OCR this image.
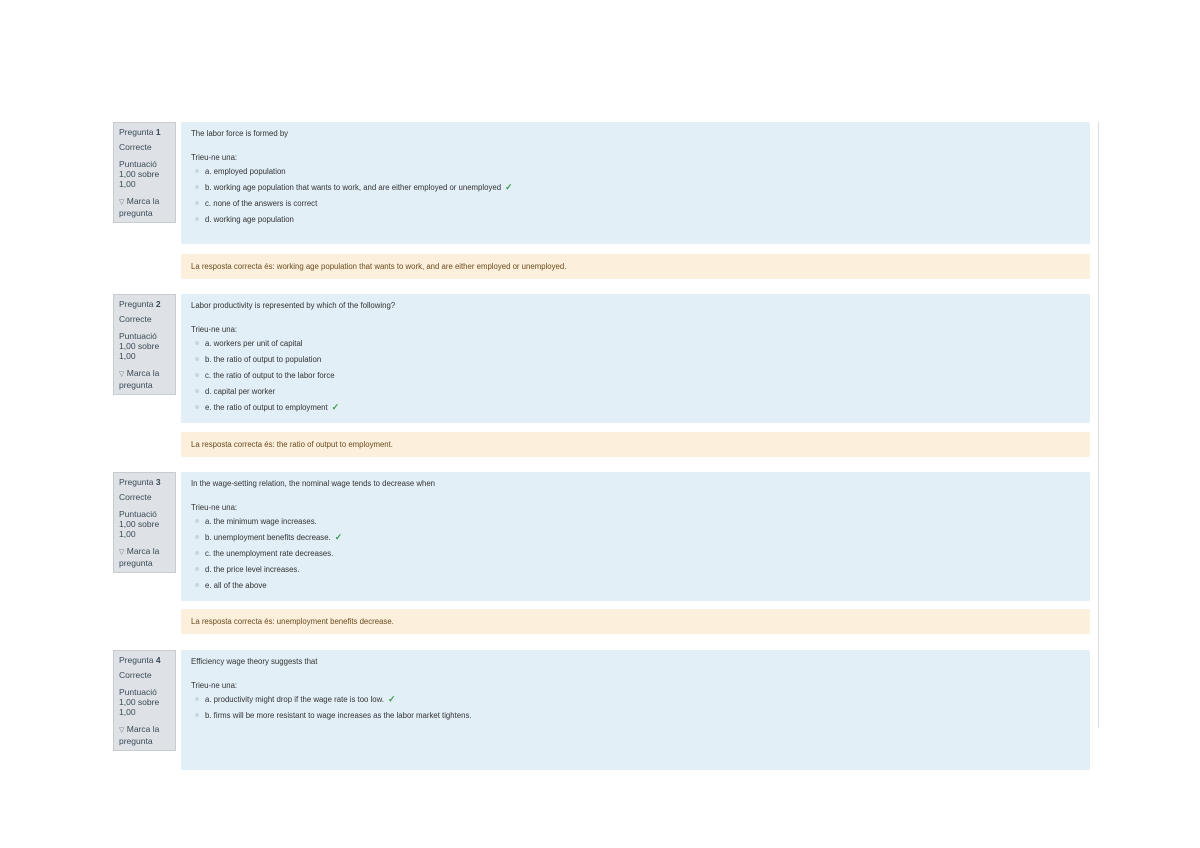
Pregunta 1
Correcte
Puntuació
1,00 sobre 1,00
▽ Marca la pregunta
The labor force is formed by
Trieu-ne una:
a. employed population
b. working age population that wants to work, and are either employed or unemployed ✓
c. none of the answers is correct
d. working age population
La resposta correcta és: working age population that wants to work, and are either employed or unemployed.
Pregunta 2
Correcte
Puntuació
1,00 sobre 1,00
▽ Marca la pregunta
Labor productivity is represented by which of the following?
Trieu-ne una:
a. workers per unit of capital
b. the ratio of output to population
c. the ratio of output to the labor force
d. capital per worker
e. the ratio of output to employment ✓
La resposta correcta és: the ratio of output to employment.
Pregunta 3
Correcte
Puntuació
1,00 sobre 1,00
▽ Marca la pregunta
In the wage-setting relation, the nominal wage tends to decrease when
Trieu-ne una:
a. the minimum wage increases.
b. unemployment benefits decrease. ✓
c. the unemployment rate decreases.
d. the price level increases.
e. all of the above
La resposta correcta és: unemployment benefits decrease.
Pregunta 4
Correcte
Puntuació
1,00 sobre 1,00
▽ Marca la pregunta
Efficiency wage theory suggests that
Trieu-ne una:
a. productivity might drop if the wage rate is too low. ✓
b. firms will be more resistant to wage increases as the labor market tightens.
